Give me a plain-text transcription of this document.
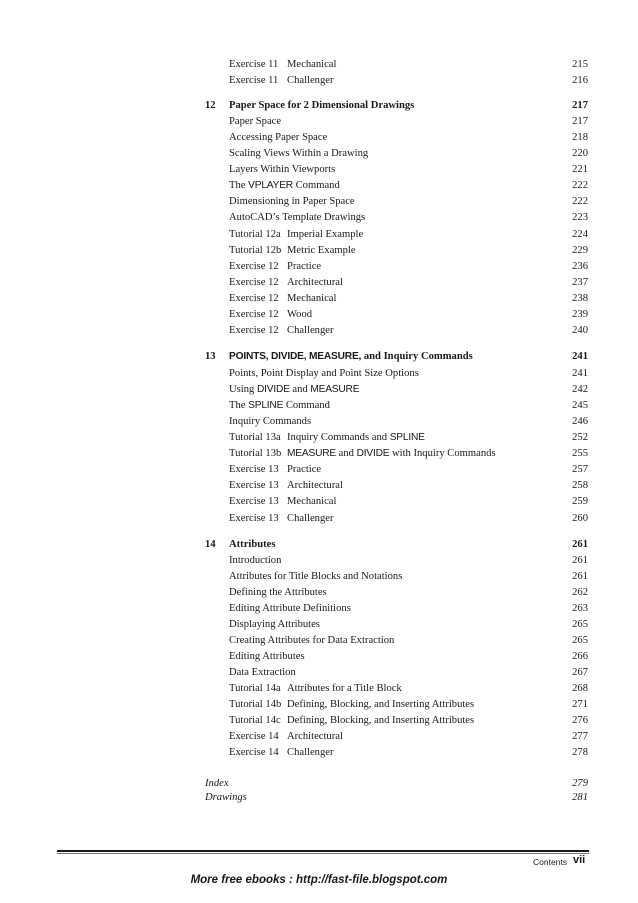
Exercise 11 Mechanical	215
Exercise 11 Challenger	216
12 Paper Space for 2 Dimensional Drawings	217
Paper Space	217
Accessing Paper Space	218
Scaling Views Within a Drawing	220
Layers Within Viewports	221
The VPLAYER Command	222
Dimensioning in Paper Space	222
AutoCAD’s Template Drawings	223
Tutorial 12a Imperial Example	224
Tutorial 12b Metric Example	229
Exercise 12 Practice	236
Exercise 12 Architectural	237
Exercise 12 Mechanical	238
Exercise 12 Wood	239
Exercise 12 Challenger	240
13 POINTS, DIVIDE, MEASURE, and Inquiry Commands	241
Points, Point Display and Point Size Options	241
Using DIVIDE and MEASURE	242
The SPLINE Command	245
Inquiry Commands	246
Tutorial 13a Inquiry Commands and SPLINE	252
Tutorial 13b MEASURE and DIVIDE with Inquiry Commands	255
Exercise 13 Practice	257
Exercise 13 Architectural	258
Exercise 13 Mechanical	259
Exercise 13 Challenger	260
14 Attributes	261
Introduction	261
Attributes for Title Blocks and Notations	261
Defining the Attributes	262
Editing Attribute Definitions	263
Displaying Attributes	265
Creating Attributes for Data Extraction	265
Editing Attributes	266
Data Extraction	267
Tutorial 14a Attributes for a Title Block	268
Tutorial 14b Defining, Blocking, and Inserting Attributes	271
Tutorial 14c Defining, Blocking, and Inserting Attributes	276
Exercise 14 Architectural	277
Exercise 14 Challenger	278
Index	279
Drawings	281
Contents vii
More free ebooks : http://fast-file.blogspot.com
